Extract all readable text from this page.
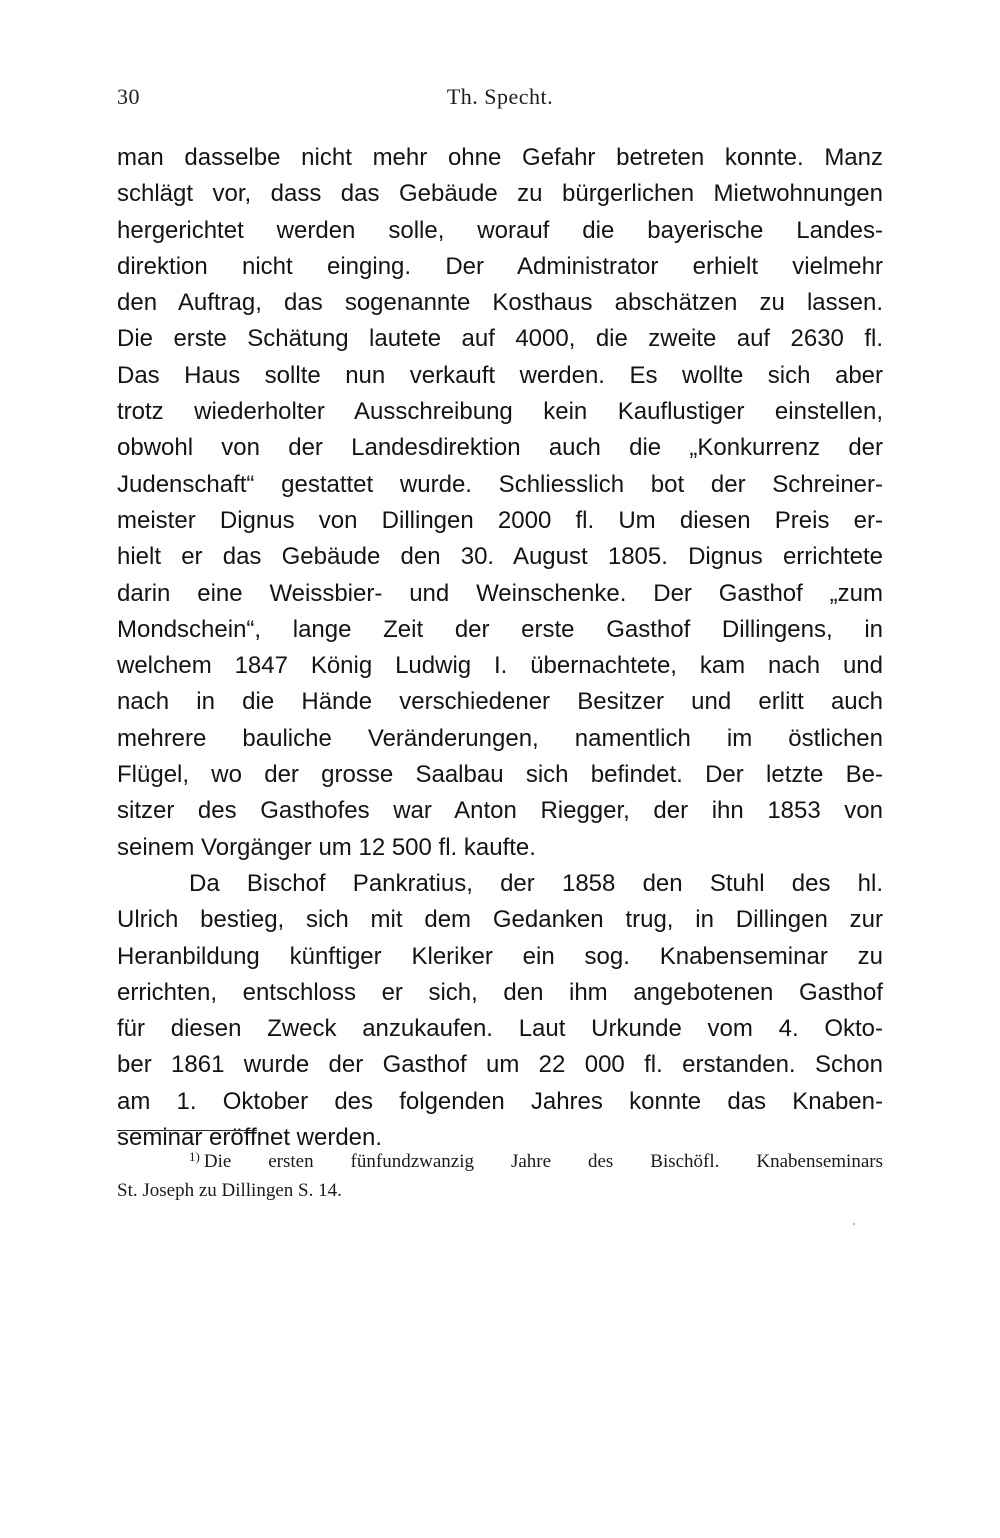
30	Th. Specht.
man dasselbe nicht mehr ohne Gefahr betreten konnte. Manz
schlägt vor, dass das Gebäude zu bürgerlichen Mietwohnungen
hergerichtet werden solle, worauf die bayerische Landes-
direktion nicht einging. Der Administrator erhielt vielmehr
den Auftrag, das sogenannte Kosthaus abschätzen zu lassen.
Die erste Schätung lautete auf 4000, die zweite auf 2630 fl.
Das Haus sollte nun verkauft werden. Es wollte sich aber
trotz wiederholter Ausschreibung kein Kauflustiger einstellen,
obwohl von der Landesdirektion auch die „Konkurrenz der
Judenschaft“ gestattet wurde. Schliesslich bot der Schreiner-
meister Dignus von Dillingen 2000 fl. Um diesen Preis er-
hielt er das Gebäude den 30. August 1805. Dignus errichtete
darin eine Weissbier- und Weinschenke. Der Gasthof „zum
Mondschein“, lange Zeit der erste Gasthof Dillingens, in
welchem 1847 König Ludwig I. übernachtete, kam nach und
nach in die Hände verschiedener Besitzer und erlitt auch
mehrere bauliche Veränderungen, namentlich im östlichen
Flügel, wo der grosse Saalbau sich befindet. Der letzte Be-
sitzer des Gasthofes war Anton Riegger, der ihn 1853 von
seinem Vorgänger um 12 500 fl. kaufte.
Da Bischof Pankratius, der 1858 den Stuhl des hl.
Ulrich bestieg, sich mit dem Gedanken trug, in Dillingen zur
Heranbildung künftiger Kleriker ein sog. Knabenseminar zu
errichten, entschloss er sich, den ihm angebotenen Gasthof
für diesen Zweck anzukaufen. Laut Urkunde vom 4. Okto-
ber 1861 wurde der Gasthof um 22 000 fl. erstanden. Schon
am 1. Oktober des folgenden Jahres konnte das Knaben-
seminar eröffnet werden.
$^{1)}$ Die ersten fünfundzwanzig Jahre des Bischöfl. Knabenseminars
St. Joseph zu Dillingen S. 14.
